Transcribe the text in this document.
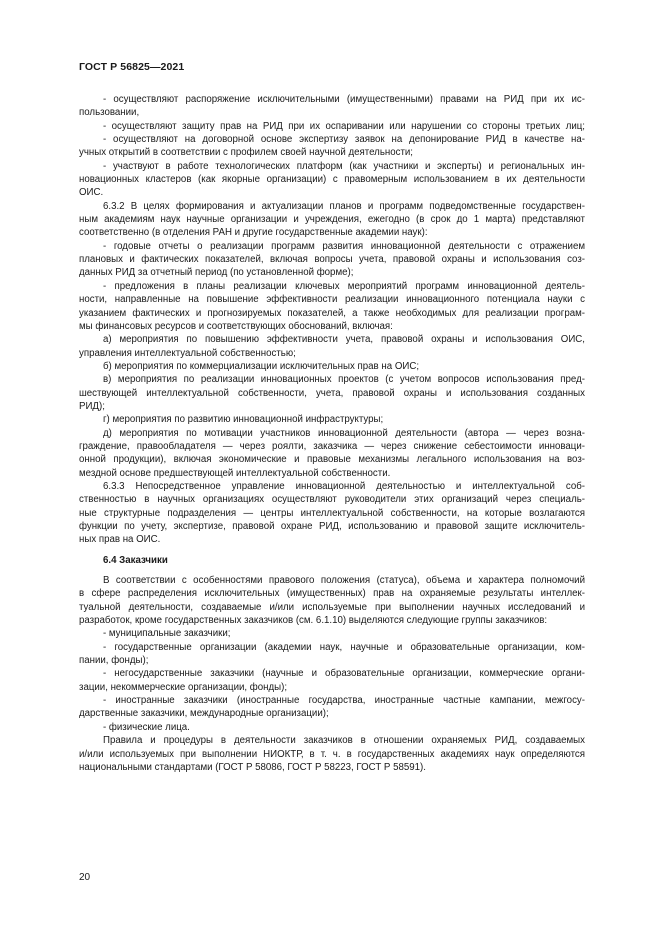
ГОСТ Р 56825—2021
- осуществляют распоряжение исключительными (имущественными) правами на РИД при их ис-
пользовании,
- осуществляют защиту прав на РИД при их оспаривании или нарушении со стороны третьих лиц;
- осуществляют на договорной основе экспертизу заявок на депонирование РИД в качестве на-
учных открытий в соответствии с профилем своей научной деятельности;
- участвуют в работе технологических платформ (как участники и эксперты) и региональных ин-
новационных кластеров (как якорные организации) с правомерным использованием в их деятельности
ОИС.
6.3.2 В целях формирования и актуализации планов и программ подведомственные государствен-
ным академиям наук научные организации и учреждения, ежегодно (в срок до 1 марта) представляют
соответственно (в отделения РАН и другие государственные академии наук):
- годовые отчеты о реализации программ развития инновационной деятельности с отражением
плановых и фактических показателей, включая вопросы учета, правовой охраны и использования соз-
данных РИД за отчетный период (по установленной форме);
- предложения в планы реализации ключевых мероприятий программ инновационной деятель-
ности, направленные на повышение эффективности реализации инновационного потенциала науки с
указанием фактических и прогнозируемых показателей, а также необходимых для реализации програм-
мы финансовых ресурсов и соответствующих обоснований, включая:
а) мероприятия по повышению эффективности учета, правовой охраны и использования ОИС,
управления интеллектуальной собственностью;
б) мероприятия по коммерциализации исключительных прав на ОИС;
в) мероприятия по реализации инновационных проектов (с учетом вопросов использования пред-
шествующей интеллектуальной собственности, учета, правовой охраны и использования созданных
РИД);
г) мероприятия по развитию инновационной инфраструктуры;
д) мероприятия по мотивации участников инновационной деятельности (автора — через возна-
граждение, правообладателя — через роялти, заказчика — через снижение себестоимости инноваци-
онной продукции), включая экономические и правовые механизмы легального использования на воз-
мездной основе предшествующей интеллектуальной собственности.
6.3.3 Непосредственное управление инновационной деятельностью и интеллектуальной соб-
ственностью в научных организациях осуществляют руководители этих организаций через специаль-
ные структурные подразделения — центры интеллектуальной собственности, на которые возлагаются
функции по учету, экспертизе, правовой охране РИД, использованию и правовой защите исключитель-
ных прав на ОИС.
6.4 Заказчики
В соответствии с особенностями правового положения (статуса), объема и характера полномочий
в сфере распределения исключительных (имущественных) прав на охраняемые результаты интеллек-
туальной деятельности, создаваемые и/или используемые при выполнении научных исследований и
разработок, кроме государственных заказчиков (см. 6.1.10) выделяются следующие группы заказчиков:
- муниципальные заказчики;
- государственные организации (академии наук, научные и образовательные организации, ком-
пании, фонды);
- негосударственные заказчики (научные и образовательные организации, коммерческие органи-
зации, некоммерческие организации, фонды);
- иностранные заказчики (иностранные государства, иностранные частные кампании, межгосу-
дарственные заказчики, международные организации);
- физические лица.
Правила и процедуры в деятельности заказчиков в отношении охраняемых РИД, создаваемых
и/или используемых при выполнении НИОКТР, в т. ч. в государственных академиях наук определяются
национальными стандартами (ГОСТ Р 58086, ГОСТ Р 58223, ГОСТ Р 58591).
20
